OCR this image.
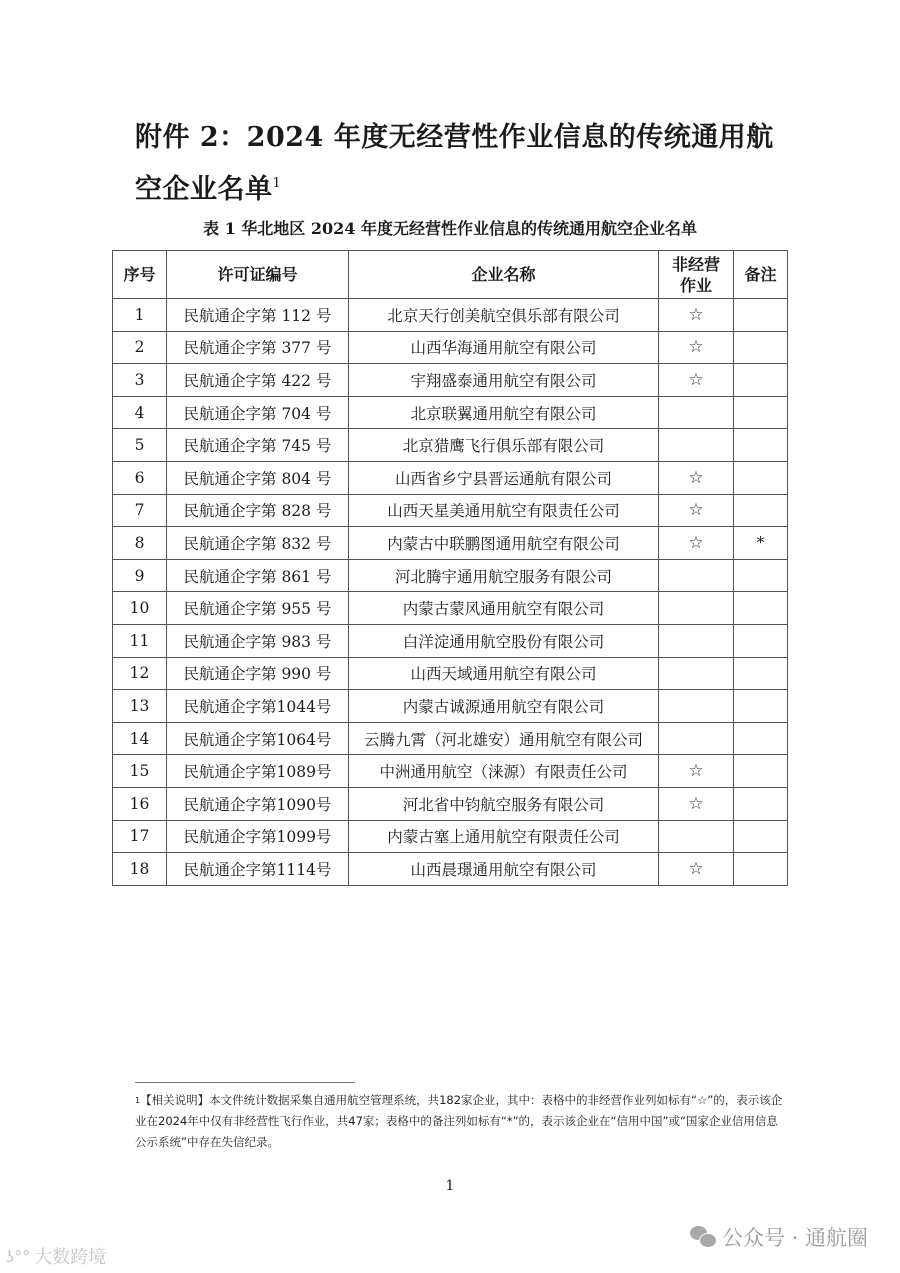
附件 2：2024 年度无经营性作业信息的传统通用航空企业名单$^1$
表 1 华北地区 2024 年度无经营性作业信息的传统通用航空企业名单
序号	许可证编号	企业名称	非经营作业	备注
1	民航通企字第 112 号	北京天行创美航空俱乐部有限公司	☆	
2	民航通企字第 377 号	山西华海通用航空有限公司	☆	
3	民航通企字第 422 号	宇翔盛泰通用航空有限公司	☆	
4	民航通企字第 704 号	北京联翼通用航空有限公司		
5	民航通企字第 745 号	北京猎鹰飞行俱乐部有限公司		
6	民航通企字第 804 号	山西省乡宁县晋运通航有限公司	☆	
7	民航通企字第 828 号	山西天星美通用航空有限责任公司	☆	
8	民航通企字第 832 号	内蒙古中联鹏图通用航空有限公司	☆	*
9	民航通企字第 861 号	河北腾宇通用航空服务有限公司		
10	民航通企字第 955 号	内蒙古蒙风通用航空有限公司		
11	民航通企字第 983 号	白洋淀通用航空股份有限公司		
12	民航通企字第 990 号	山西天域通用航空有限公司		
13	民航通企字第1044号	内蒙古诚源通用航空有限公司		
14	民航通企字第1064号	云腾九霄（河北雄安）通用航空有限公司		
15	民航通企字第1089号	中洲通用航空（涞源）有限责任公司	☆	
16	民航通企字第1090号	河北省中钧航空服务有限公司	☆	
17	民航通企字第1099号	内蒙古塞上通用航空有限责任公司		
18	民航通企字第1114号	山西晨璟通用航空有限公司	☆	
$^1$【相关说明】本文件统计数据采集自通用航空管理系统，共182家企业，其中：表格中的非经营作业列如标有“☆”的，表示该企业在2024年中仅有非经营性飞行作业，共47家；表格中的备注列如标有“*”的，表示该企业在“信用中国”或“国家企业信用信息公示系统”中存在失信纪录。
1
公众号 · 通航圈
ʖ°° 大数跨境
